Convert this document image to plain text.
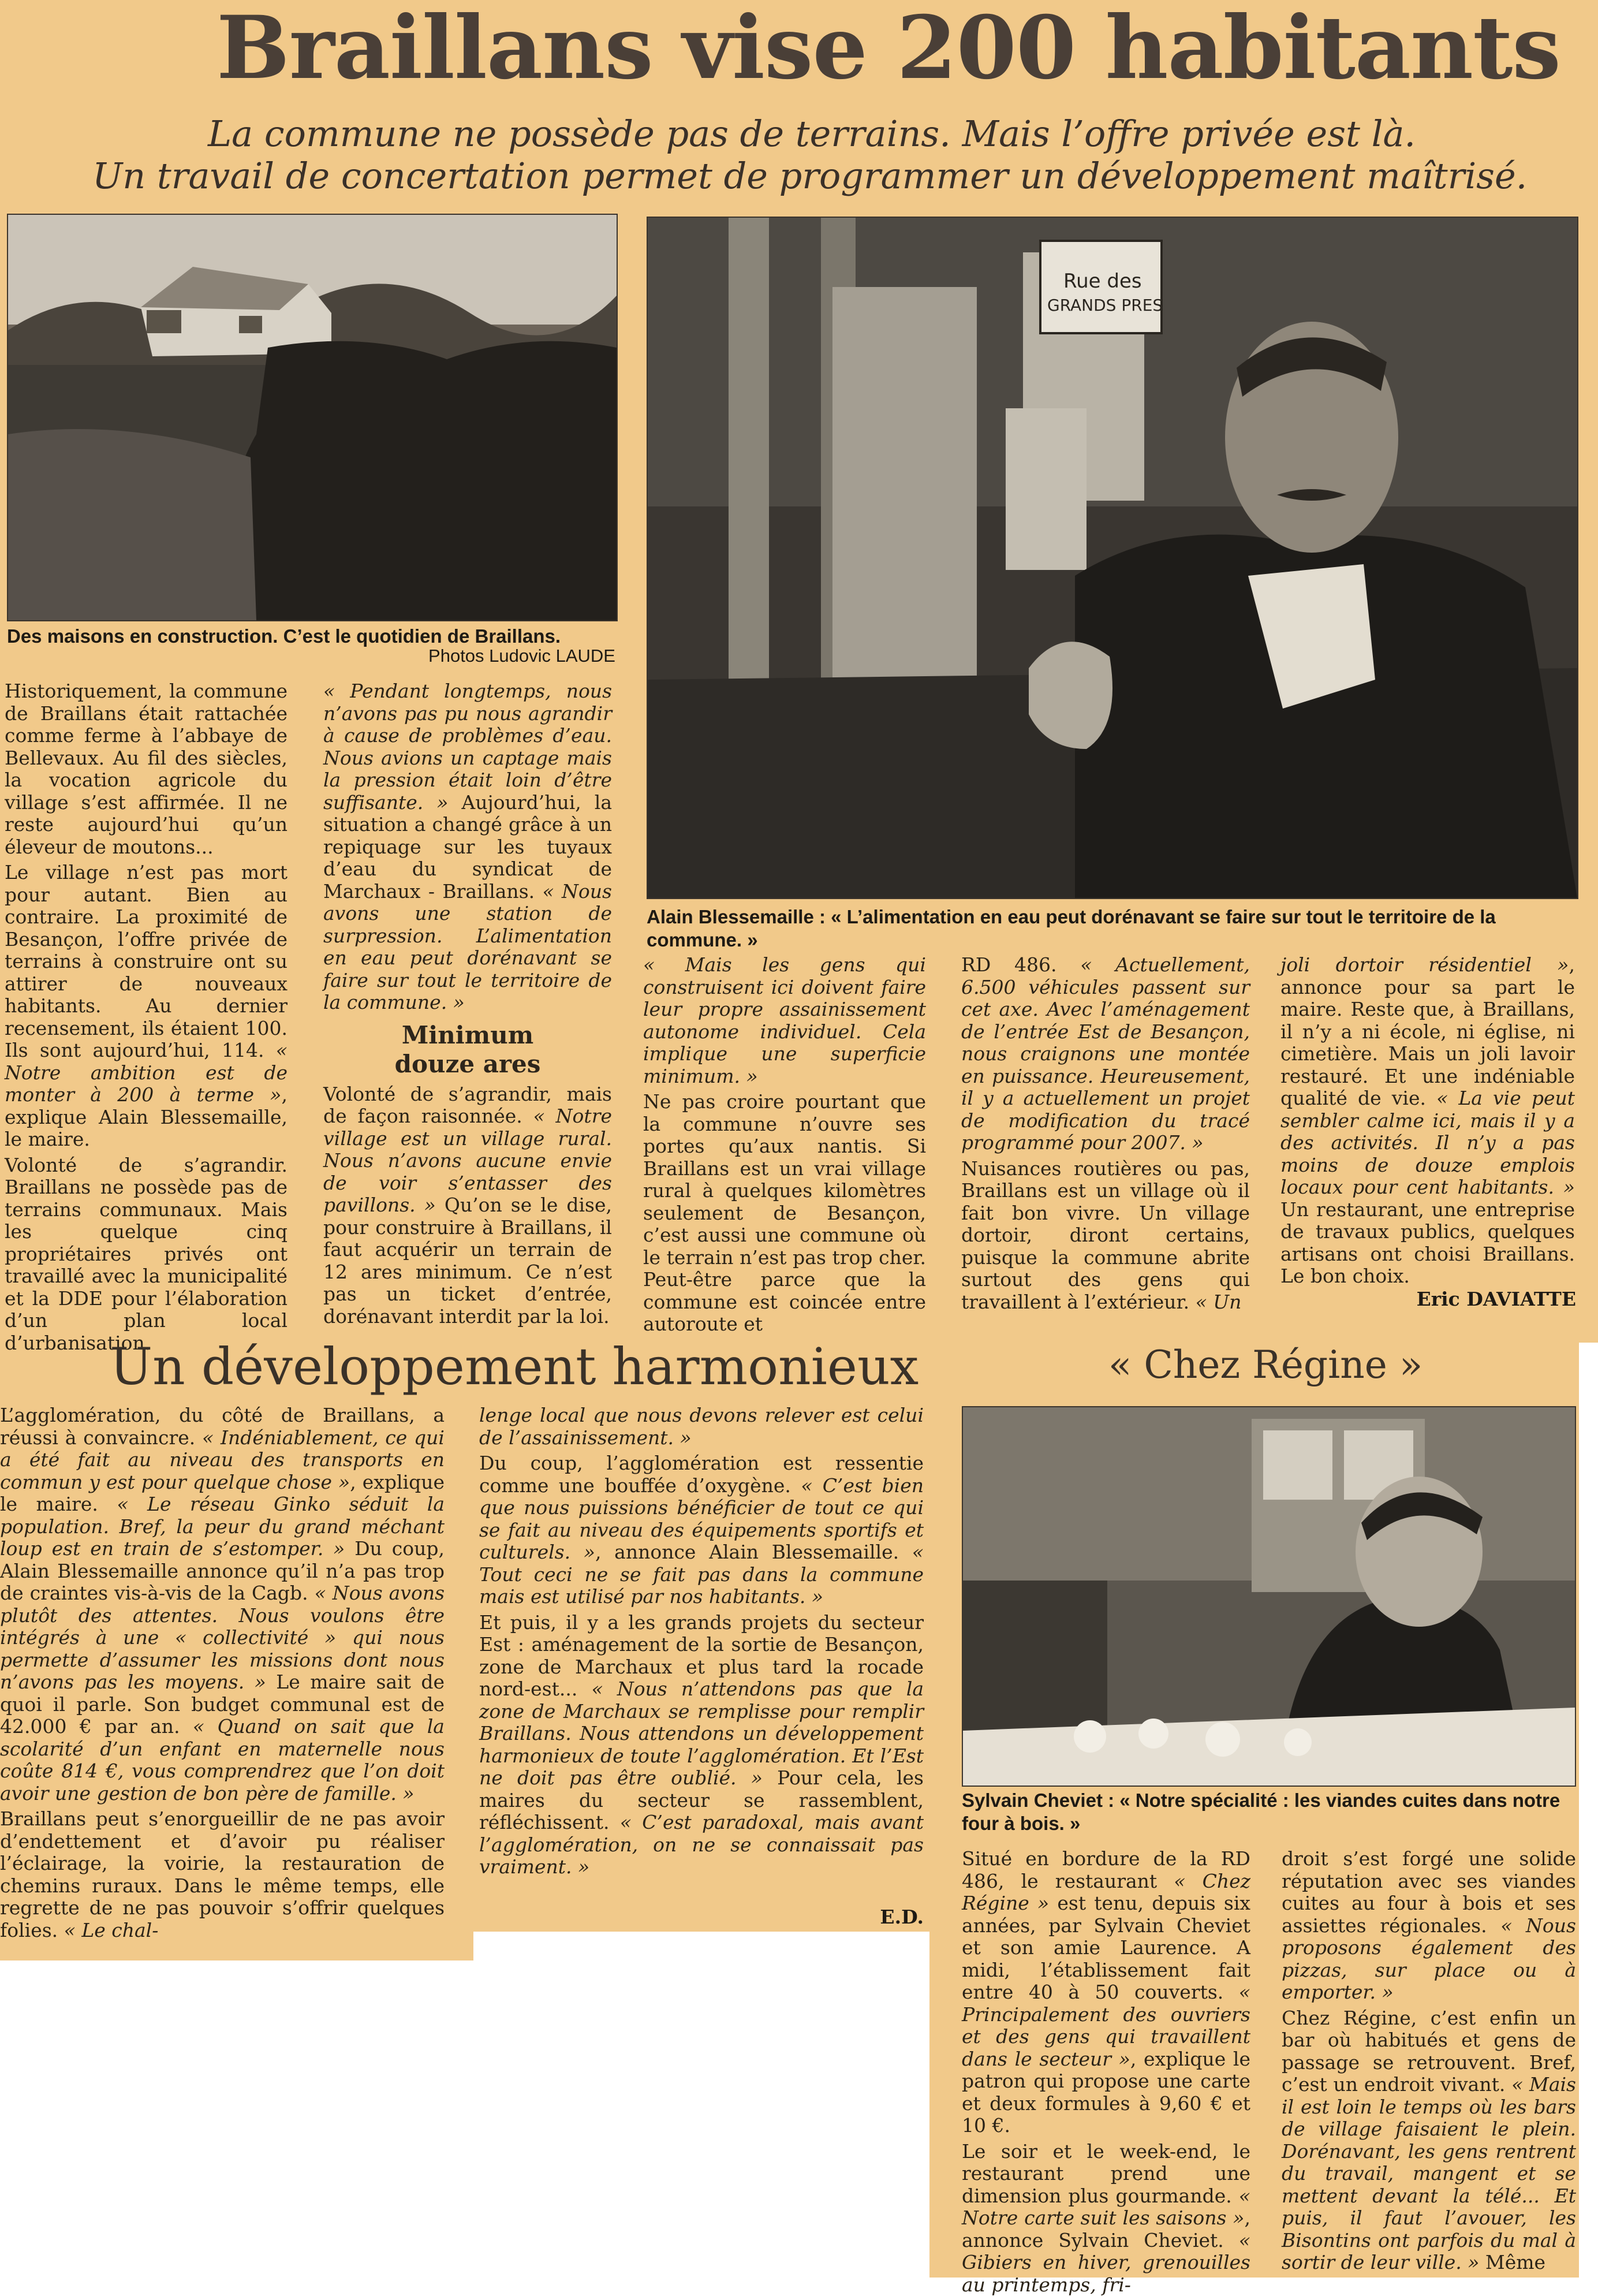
Braillans vise 200 habitants
La commune ne possède pas de terrains. Mais l’offre privée est là.
Un travail de concertation permet de programmer un développement maîtrisé.
Des maisons en construction. C’est le quotidien de Braillans.
Photos Ludovic LAUDE
Rue des
GRANDS PRES
Alain Blessemaille : « L’alimentation en eau peut dorénavant se faire sur tout le territoire de la commune. »

Historiquement, la commune de Braillans était rattachée comme ferme à l’abbaye de Bellevaux. Au fil des siècles, la vocation agricole du village s’est affirmée. Il ne reste aujourd’hui qu’un éleveur de moutons...

Le village n’est pas mort pour autant. Bien au contraire. La proximité de Besançon, l’offre privée de terrains à construire ont su attirer de nouveaux habitants. Au dernier recensement, ils étaient 100. Ils sont aujourd’hui, 114. « Notre ambition est de monter à 200 à terme », explique Alain Blessemaille, le maire.

Volonté de s’agrandir. Braillans ne possède pas de terrains communaux. Mais les quelque cinq propriétaires privés ont travaillé avec la municipalité et la DDE pour l’élaboration d’un plan local d’urbanisation.

« Pendant longtemps, nous n’avons pas pu nous agrandir à cause de problèmes d’eau. Nous avions un captage mais la pression était loin d’être suffisante. » Aujourd’hui, la situation a changé grâce à un repiquage sur les tuyaux d’eau du syndicat de Marchaux - Braillans. « Nous avons une station de surpression. L’alimentation en eau peut dorénavant se faire sur tout le territoire de la commune. »

Minimum
douze ares

Volonté de s’agrandir, mais de façon raisonnée. « Notre village est un village rural. Nous n’avons aucune envie de voir s’entasser des pavillons. » Qu’on se le dise, pour construire à Braillans, il faut acquérir un terrain de 12 ares minimum. Ce n’est pas un ticket d’entrée, dorénavant interdit par la loi.

« Mais les gens qui construisent ici doivent faire leur propre assainissement autonome individuel. Cela implique une superficie minimum. »

Ne pas croire pourtant que la commune n’ouvre ses portes qu’aux nantis. Si Braillans est un vrai village rural à quelques kilomètres seulement de Besançon, c’est aussi une commune où le terrain n’est pas trop cher. Peut-être parce que la commune est coincée entre autoroute et

RD 486. « Actuellement, 6.500 véhicules passent sur cet axe. Avec l’aménagement de l’entrée Est de Besançon, nous craignons une montée en puissance. Heureusement, il y a actuellement un projet de modification du tracé programmé pour 2007. »

Nuisances routières ou pas, Braillans est un village où il fait bon vivre. Un village dortoir, diront certains, puisque la commune abrite surtout des gens qui travaillent à l’extérieur. « Un

joli dortoir résidentiel », annonce pour sa part le maire. Reste que, à Braillans, il n’y a ni école, ni église, ni cimetière. Mais un joli lavoir restauré. Et une indéniable qualité de vie. « La vie peut sembler calme ici, mais il y a des activités. Il n’y a pas moins de douze emplois locaux pour cent habitants. » Un restaurant, une entreprise de travaux publics, quelques artisans ont choisi Braillans. Le bon choix.

Eric DAVIATTE
Un développement harmonieux

L’agglomération, du côté de Braillans, a réussi à convaincre. « Indéniablement, ce qui a été fait au niveau des transports en commun y est pour quelque chose », explique le maire. « Le réseau Ginko séduit la population. Bref, la peur du grand méchant loup est en train de s’estomper. » Du coup, Alain Blessemaille annonce qu’il n’a pas trop de craintes vis-à-vis de la Cagb. « Nous avons plutôt des attentes. Nous voulons être intégrés à une « collectivité » qui nous permette d’assumer les missions dont nous n’avons pas les moyens. » Le maire sait de quoi il parle. Son budget communal est de 42.000 € par an. « Quand on sait que la scolarité d’un enfant en maternelle nous coûte 814 €, vous comprendrez que l’on doit avoir une gestion de bon père de famille. »

Braillans peut s’enorgueillir de ne pas avoir d’endettement et d’avoir pu réaliser l’éclairage, la voirie, la restauration de chemins ruraux. Dans le même temps, elle regrette de ne pas pouvoir s’offrir quelques folies. « Le chal-

lenge local que nous devons relever est celui de l’assainissement. »

Du coup, l’agglomération est ressentie comme une bouffée d’oxygène. « C’est bien que nous puissions bénéficier de tout ce qui se fait au niveau des équipements sportifs et culturels. », annonce Alain Blessemaille. « Tout ceci ne se fait pas dans la commune mais est utilisé par nos habitants. »

Et puis, il y a les grands projets du secteur Est : aménagement de la sortie de Besançon, zone de Marchaux et plus tard la rocade nord-est... « Nous n’attendons pas que la zone de Marchaux se remplisse pour remplir Braillans. Nous attendons un développement harmonieux de toute l’agglomération. Et l’Est ne doit pas être oublié. » Pour cela, les maires du secteur se rassemblent, réfléchissent. « C’est paradoxal, mais avant l’agglomération, on ne se connaissait pas vraiment. »

E.D.
« Chez Régine »
Sylvain Cheviet : « Notre spécialité : les viandes cuites dans notre four à bois. »

Situé en bordure de la RD 486, le restaurant « Chez Régine » est tenu, depuis six années, par Sylvain Cheviet et son amie Laurence. A midi, l’établissement fait entre 40 à 50 couverts. « Principalement des ouvriers et des gens qui travaillent dans le secteur », explique le patron qui propose une carte et deux formules à 9,60 € et 10 €.

Le soir et le week-end, le restaurant prend une dimension plus gourmande. « Notre carte suit les saisons », annonce Sylvain Cheviet. « Gibiers en hiver, grenouilles au printemps, fri-

droit s’est forgé une solide réputation avec ses viandes cuites au four à bois et ses assiettes régionales. « Nous proposons également des pizzas, sur place ou à emporter. »

Chez Régine, c’est enfin un bar où habitués et gens de passage se retrouvent. Bref, c’est un endroit vivant. « Mais il est loin le temps où les bars de village faisaient le plein. Dorénavant, les gens rentrent du travail, mangent et se mettent devant la télé... Et puis, il faut l’avouer, les Bisontins ont parfois du mal à sortir de leur ville. » Même
